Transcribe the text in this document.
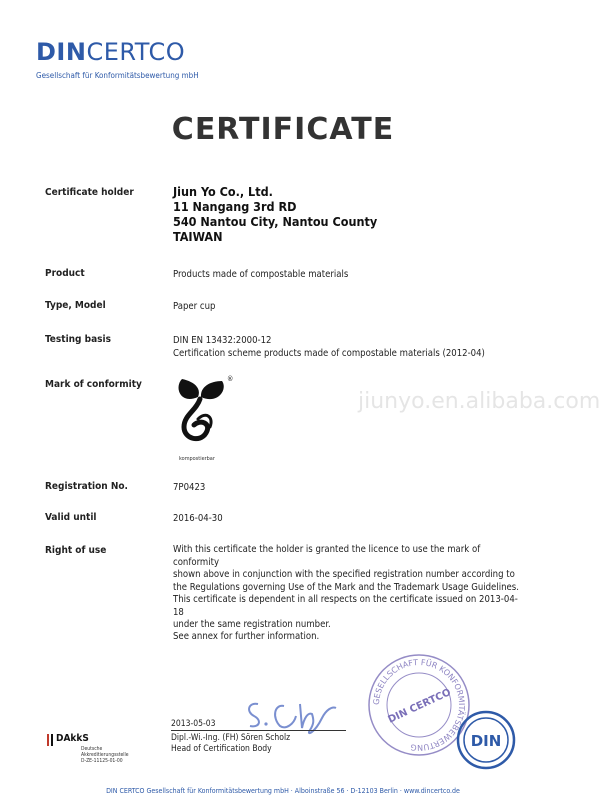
DINCERTCO
Gesellschaft für Konformitätsbewertung mbH
CERTIFICATE
Certificate holder	Jiun Yo Co., Ltd.
11 Nangang 3rd RD
540 Nantou City, Nantou County
TAIWAN
Product	Products made of compostable materials
Type, Model	Paper cup
Testing basis	DIN EN 13432:2000-12
Certification scheme products made of compostable materials (2012-04)
Mark of conformity	®
kompostierbar
jiunyo.en.alibaba.com
Registration No.	7P0423
Valid until	2016-04-30
Right of use	With this certificate the holder is granted the licence to use the mark of conformity
shown above in conjunction with the specified registration number according to
the Regulations governing Use of the Mark and the Trademark Usage Guidelines.
This certificate is dependent in all respects on the certificate issued on 2013-04-18
under the same registration number.
See annex for further information.
2013-05-03
Dipl.-Wi.-Ing. (FH) Sören Scholz
Head of Certification Body
DAkkS
Deutsche
Akkreditierungsstelle
D-ZE-11125-01-00
GESELLSCHAFT FÜR KONFORMITÄTSBEWERTUNG
DIN CERTCO
DIN
DIN CERTCO Gesellschaft für Konformitätsbewertung mbH · Alboinstraße 56 · D-12103 Berlin · www.dincertco.de
